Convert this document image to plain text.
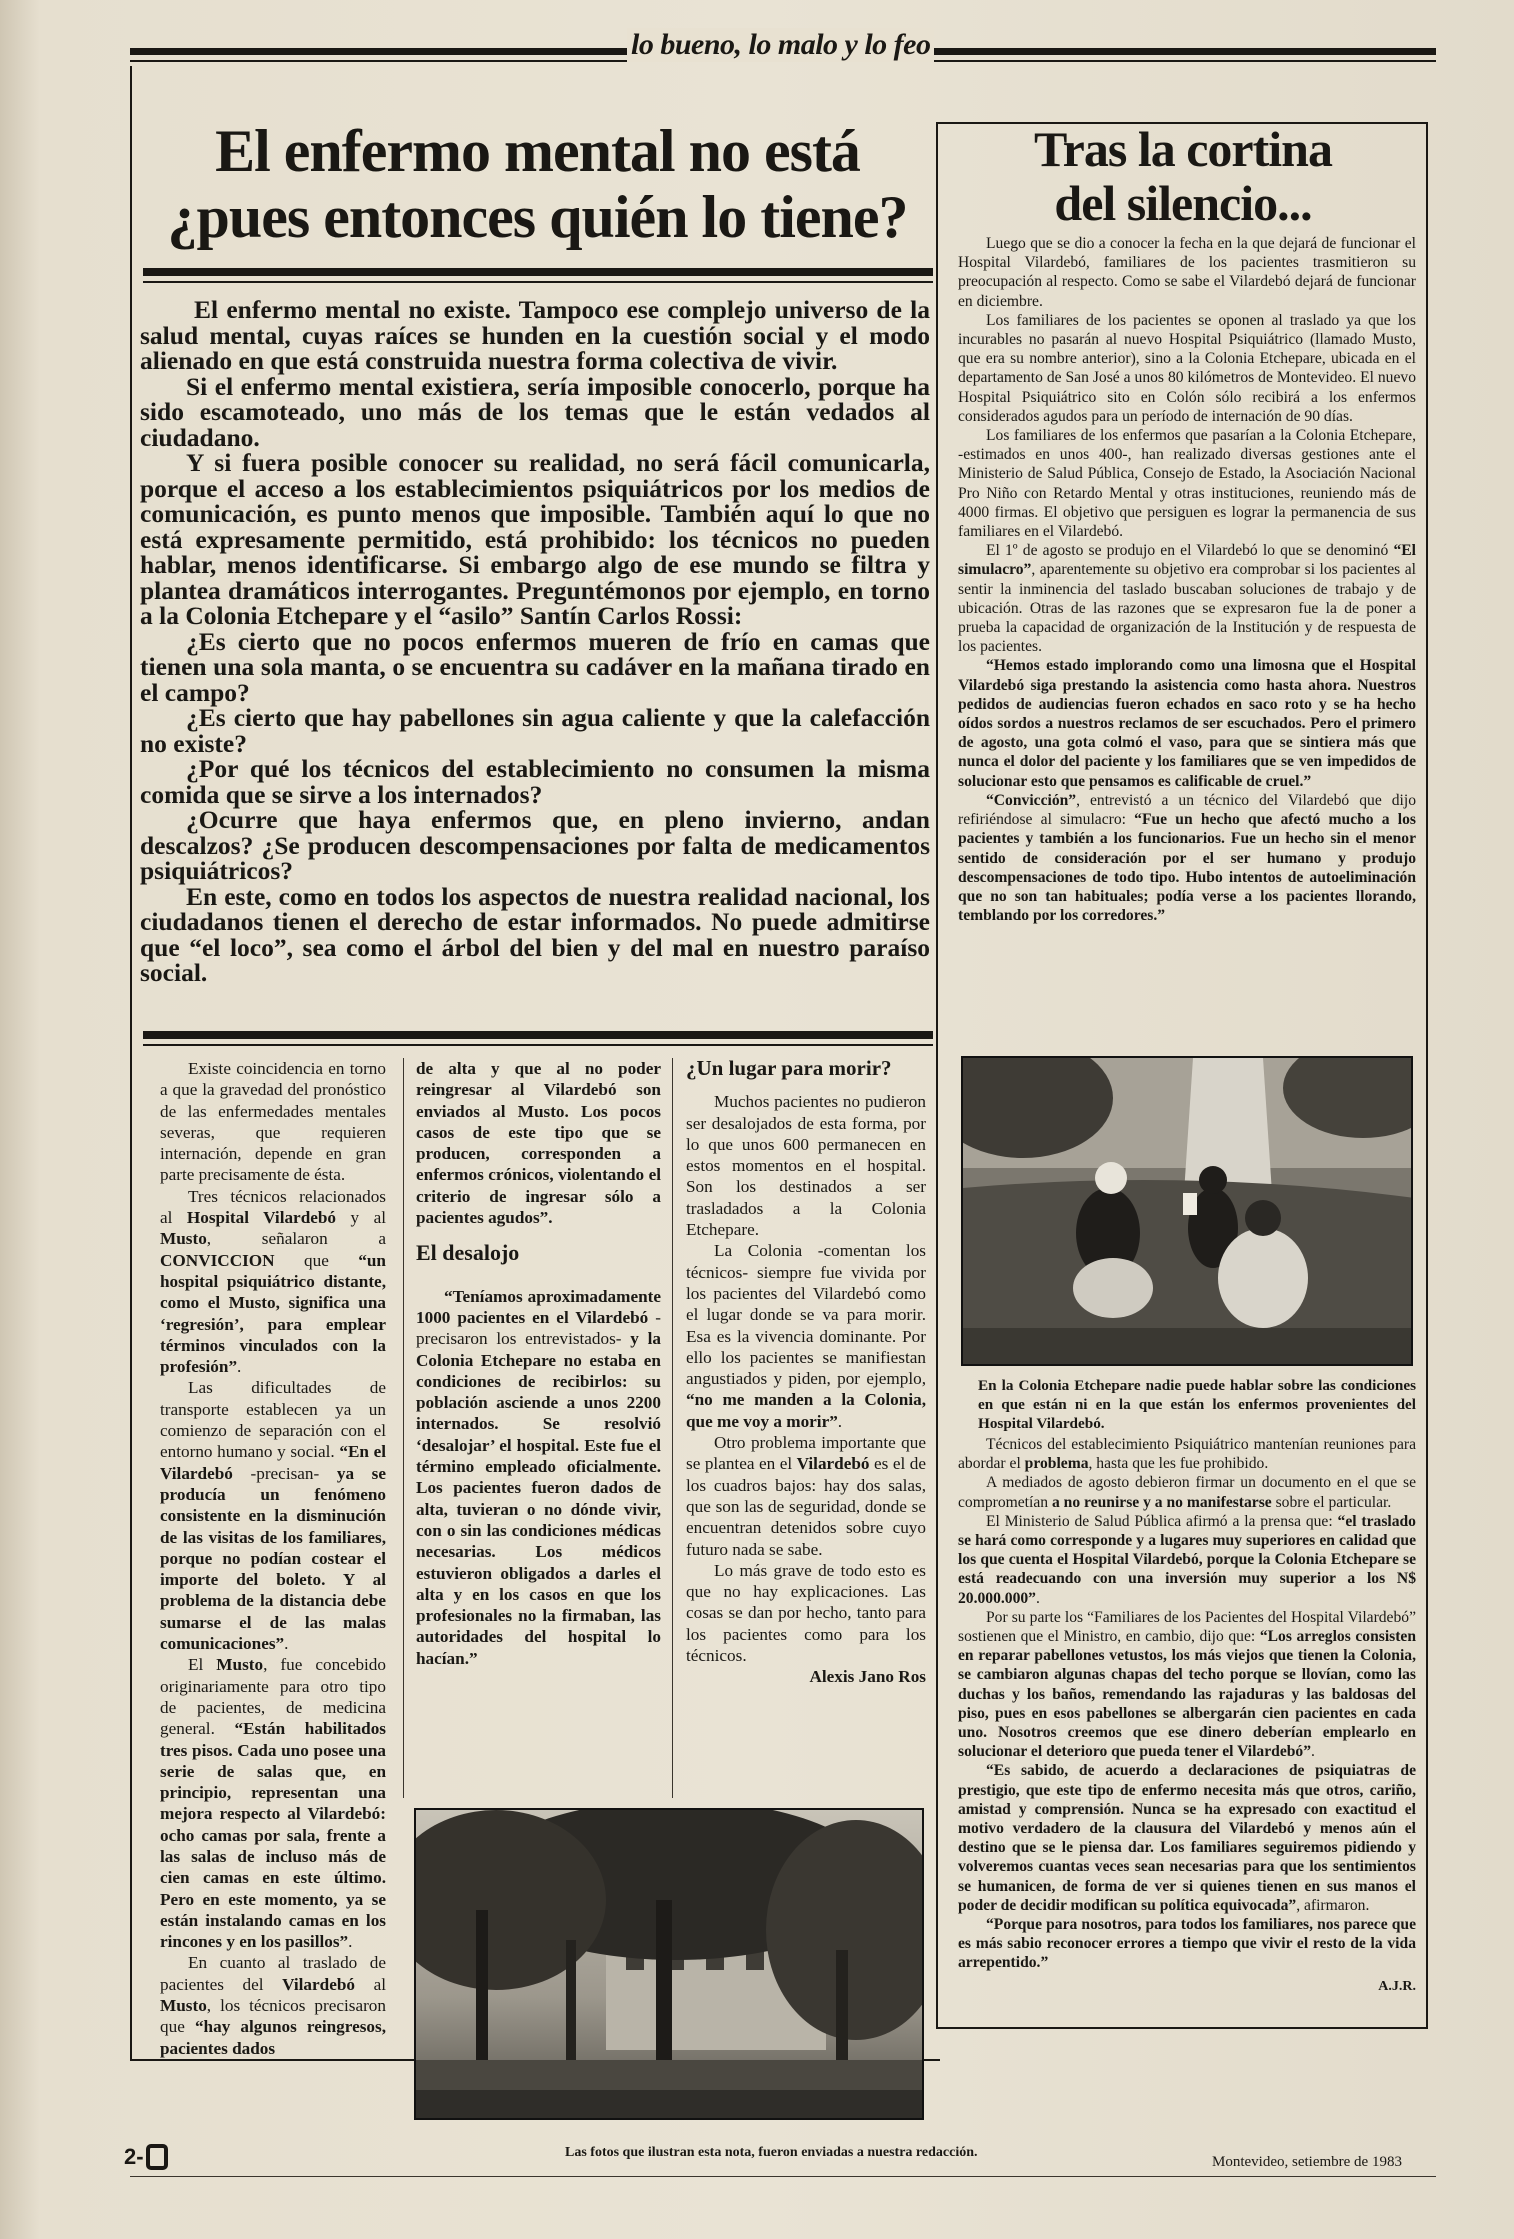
lo bueno, lo malo y lo feo
El enfermo mental no está
¿pues entonces quién lo tiene?

El enfermo mental no existe. Tampoco ese complejo universo de la salud mental, cuyas raíces se hunden en la cuestión social y el modo alienado en que está construida nuestra forma colectiva de vivir.

Si el enfermo mental existiera, sería imposible conocerlo, porque ha sido escamoteado, uno más de los temas que le están vedados al ciudadano.

Y si fuera posible conocer su realidad, no será fácil comunicarla, porque el acceso a los establecimientos psiquiátricos por los medios de comunicación, es punto menos que imposible. También aquí lo que no está expresamente permitido, está prohibido: los técnicos no pueden hablar, menos identificarse. Si embargo algo de ese mundo se filtra y plantea dramáticos interrogantes. Preguntémonos por ejemplo, en torno a la Colonia Etchepare y el “asilo” Santín Carlos Rossi:

¿Es cierto que no pocos enfermos mueren de frío en camas que tienen una sola manta, o se encuentra su cadáver en la mañana tirado en el campo?

¿Es cierto que hay pabellones sin agua caliente y que la calefacción no existe?

¿Por qué los técnicos del establecimiento no consumen la misma comida que se sirve a los internados?

¿Ocurre que haya enfermos que, en pleno invierno, andan descalzos? ¿Se producen descompensaciones por falta de medicamentos psiquiátricos?

En este, como en todos los aspectos de nuestra realidad nacional, los ciudadanos tienen el derecho de estar informados. No puede admitirse que “el loco”, sea como el árbol del bien y del mal en nuestro paraíso social.

Existe coincidencia en torno a que la gravedad del pronóstico de las enfermedades mentales severas, que requieren internación, depende en gran parte precisamente de ésta.

Tres técnicos relacionados al Hospital Vilardebó y al Musto, señalaron a CONVICCION que “un hospital psiquiátrico distante, como el Musto, significa una ‘regresión’, para emplear términos vinculados con la profesión”.

Las dificultades de transporte establecen ya un comienzo de separación con el entorno humano y social. “En el Vilardebó -precisan- ya se producía un fenómeno consistente en la disminución de las visitas de los familiares, porque no podían costear el importe del boleto. Y al problema de la distancia debe sumarse el de las malas comunicaciones”.

El Musto, fue concebido originariamente para otro tipo de pacientes, de medicina general. “Están habilitados tres pisos. Cada uno posee una serie de salas que, en principio, representan una mejora respecto al Vilardebó: ocho camas por sala, frente a las salas de incluso más de cien camas en este último. Pero en este momento, ya se están instalando camas en los rincones y en los pasillos”.

En cuanto al traslado de pacientes del Vilardebó al Musto, los técnicos precisaron que “hay algunos reingresos, pacientes dados

de alta y que al no poder reingresar al Vilardebó son enviados al Musto. Los pocos casos de este tipo que se producen, corresponden a enfermos crónicos, violentando el criterio de ingresar sólo a pacientes agudos”.

El desalojo

“Teníamos aproximadamente 1000 pacientes en el Vilardebó -precisaron los entrevistados- y la Colonia Etchepare no estaba en condiciones de recibirlos: su población asciende a unos 2200 internados. Se resolvió ‘desalojar’ el hospital. Este fue el término empleado oficialmente. Los pacientes fueron dados de alta, tuvieran o no dónde vivir, con o sin las condiciones médicas necesarias. Los médicos estuvieron obligados a darles el alta y en los casos en que los profesionales no la firmaban, las autoridades del hospital lo hacían.”

¿Un lugar para morir?

Muchos pacientes no pudieron ser desalojados de esta forma, por lo que unos 600 permanecen en estos momentos en el hospital. Son los destinados a ser trasladados a la Colonia Etchepare.

La Colonia -comentan los técnicos- siempre fue vivida por los pacientes del Vilardebó como el lugar donde se va para morir. Esa es la vivencia dominante. Por ello los pacientes se manifiestan angustiados y piden, por ejemplo, “no me manden a la Colonia, que me voy a morir”.

Otro problema importante que se plantea en el Vilardebó es el de los cuadros bajos: hay dos salas, que son las de seguridad, donde se encuentran detenidos sobre cuyo futuro nada se sabe.

Lo más grave de todo esto es que no hay explicaciones. Las cosas se dan por hecho, tanto para los pacientes como para los técnicos.

Alexis Jano Ros
Tras la cortina
del silencio...

Luego que se dio a conocer la fecha en la que dejará de funcionar el Hospital Vilardebó, familiares de los pacientes trasmitieron su preocupación al respecto. Como se sabe el Vilardebó dejará de funcionar en diciembre.

Los familiares de los pacientes se oponen al traslado ya que los incurables no pasarán al nuevo Hospital Psiquiátrico (llamado Musto, que era su nombre anterior), sino a la Colonia Etchepare, ubicada en el departamento de San José a unos 80 kilómetros de Montevideo. El nuevo Hospital Psiquiátrico sito en Colón sólo recibirá a los enfermos considerados agudos para un período de internación de 90 días.

Los familiares de los enfermos que pasarían a la Colonia Etchepare, -estimados en unos 400-, han realizado diversas gestiones ante el Ministerio de Salud Pública, Consejo de Estado, la Asociación Nacional Pro Niño con Retardo Mental y otras instituciones, reuniendo más de 4000 firmas. El objetivo que persiguen es lograr la permanencia de sus familiares en el Vilardebó.

El 1º de agosto se produjo en el Vilardebó lo que se denominó “El simulacro”, aparentemente su objetivo era comprobar si los pacientes al sentir la inminencia del taslado buscaban soluciones de trabajo y de ubicación. Otras de las razones que se expresaron fue la de poner a prueba la capacidad de organización de la Institución y de respuesta de los pacientes.

“Hemos estado implorando como una limosna que el Hospital Vilardebó siga prestando la asistencia como hasta ahora. Nuestros pedidos de audiencias fueron echados en saco roto y se ha hecho oídos sordos a nuestros reclamos de ser escuchados. Pero el primero de agosto, una gota colmó el vaso, para que se sintiera más que nunca el dolor del paciente y los familiares que se ven impedidos de solucionar esto que pensamos es calificable de cruel.”

“Convicción”, entrevistó a un técnico del Vilardebó que dijo refiriéndose al simulacro: “Fue un hecho que afectó mucho a los pacientes y también a los funcionarios. Fue un hecho sin el menor sentido de consideración por el ser humano y produjo descompensaciones de todo tipo. Hubo intentos de autoeliminación que no son tan habituales; podía verse a los pacientes llorando, temblando por los corredores.”

En la Colonia Etchepare nadie puede hablar sobre las condiciones en que están ni en la que están los enfermos provenientes del Hospital Vilardebó.

Técnicos del establecimiento Psiquiátrico mantenían reuniones para abordar el problema, hasta que les fue prohibido.

A mediados de agosto debieron firmar un documento en el que se comprometían a no reunirse y a no manifestarse sobre el particular.

El Ministerio de Salud Pública afirmó a la prensa que: “el traslado se hará como corresponde y a lugares muy superiores en calidad que los que cuenta el Hospital Vilardebó, porque la Colonia Etchepare se está readecuando con una inversión muy superior a los N$ 20.000.000”.

Por su parte los “Familiares de los Pacientes del Hospital Vilardebó” sostienen que el Ministro, en cambio, dijo que: “Los arreglos consisten en reparar pabellones vetustos, los más viejos que tienen la Colonia, se cambiaron algunas chapas del techo porque se llovían, como las duchas y los baños, remendando las rajaduras y las baldosas del piso, pues en esos pabellones se albergarán cien pacientes en cada uno. Nosotros creemos que ese dinero deberían emplearlo en solucionar el deterioro que pueda tener el Vilardebó”.

“Es sabido, de acuerdo a declaraciones de psiquiatras de prestigio, que este tipo de enfermo necesita más que otros, cariño, amistad y comprensión. Nunca se ha expresado con exactitud el motivo verdadero de la clausura del Vilardebó y menos aún el destino que se le piensa dar. Los familiares seguiremos pidiendo y volveremos cuantas veces sean necesarias para que los sentimientos se humanicen, de forma de ver si quienes tienen en sus manos el poder de decidir modifican su política equivocada”, afirmaron.

“Porque para nosotros, para todos los familiares, nos parece que es más sabio reconocer errores a tiempo que vivir el resto de la vida arrepentido.”

A.J.R.
2-	Las fotos que ilustran esta nota, fueron enviadas a nuestra redacción.
Montevideo, setiembre de 1983
